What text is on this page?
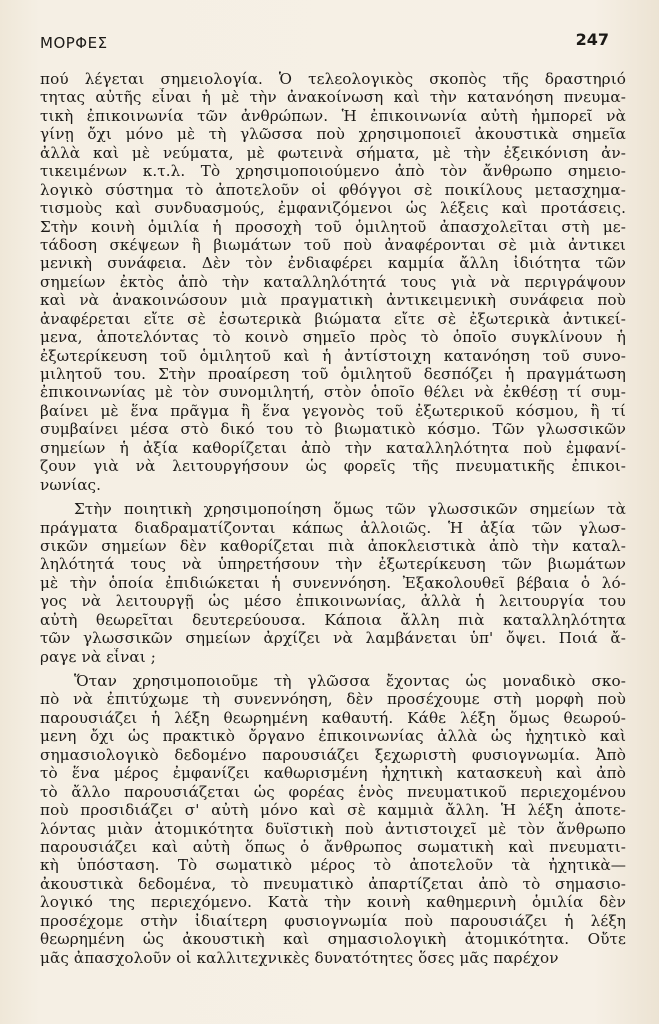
ΜΟΡΦΕΣ	247
πού λέγεται σημειολογία. Ὁ τελεολογικὸς σκοπὸς τῆς δραστηριό
τητας αὐτῆς εἶναι ἡ μὲ τὴν ἀνακοίνωση καὶ τὴν κατανόηση πνευμα-
τικὴ ἐπικοινωνία τῶν ἀνθρώπων. Ἡ ἐπικοινωνία αὐτὴ ἠμπορεῖ νὰ
γίνῃ ὄχι μόνο μὲ τὴ γλῶσσα ποὺ χρησιμοποιεῖ ἀκουστικὰ σημεῖα
ἀλλὰ καὶ μὲ νεύματα, μὲ φωτεινὰ σήματα, μὲ τὴν ἐξεικόνιση ἀν-
τικειμένων κ.τ.λ. Τὸ χρησιμοποιούμενο ἀπὸ τὸν ἄνθρωπο σημειο-
λογικὸ σύστημα τὸ ἀποτελοῦν οἱ φθόγγοι σὲ ποικίλους μετασχημα-
τισμοὺς καὶ συνδυασμούς, ἐμφανιζόμενοι ὡς λέξεις καὶ προτάσεις.
Στὴν κοινὴ ὁμιλία ἡ προσοχὴ τοῦ ὁμιλητοῦ ἀπασχολεῖται στὴ με-
τάδοση σκέψεων ἢ βιωμάτων τοῦ ποὺ ἀναφέρονται σὲ μιὰ ἀντικει
μενικὴ συνάφεια. Δὲν τὸν ἐνδιαφέρει καμμία ἄλλη ἰδιότητα τῶν
σημείων ἐκτὸς ἀπὸ τὴν καταλληλότητά τους γιὰ νὰ περιγράψουν
καὶ νὰ ἀνακοινώσουν μιὰ πραγματικὴ ἀντικειμενικὴ συνάφεια ποὺ
ἀναφέρεται εἴτε σὲ ἐσωτερικὰ βιώματα εἴτε σὲ ἐξωτερικὰ ἀντικεί-
μενα, ἀποτελόντας τὸ κοινὸ σημεῖο πρὸς τὸ ὁποῖο συγκλίνουν ἡ
ἐξωτερίκευση τοῦ ὁμιλητοῦ καὶ ἡ ἀντίστοιχη κατανόηση τοῦ συνο-
μιλητοῦ του. Στὴν προαίρεση τοῦ ὁμιλητοῦ δεσπόζει ἡ πραγμάτωση
ἐπικοινωνίας μὲ τὸν συνομιλητή, στὸν ὁποῖο θέλει νὰ ἐκθέσῃ τί συμ-
βαίνει μὲ ἕνα πρᾶγμα ἢ ἕνα γεγονὸς τοῦ ἐξωτερικοῦ κόσμου, ἢ τί
συμβαίνει μέσα στὸ δικό του τὸ βιωματικὸ κόσμο. Τῶν γλωσσικῶν
σημείων ἡ ἀξία καθορίζεται ἀπὸ τὴν καταλληλότητα ποὺ ἐμφανί-
ζουν γιὰ νὰ λειτουργήσουν ὡς φορεῖς τῆς πνευματικῆς ἐπικοι-
νωνίας.
Στὴν ποιητικὴ χρησιμοποίηση ὅμως τῶν γλωσσικῶν σημείων τὰ
πράγματα διαδραματίζονται κάπως ἀλλοιῶς. Ἡ ἀξία τῶν γλωσ-
σικῶν σημείων δὲν καθορίζεται πιὰ ἀποκλειστικὰ ἀπὸ τὴν καταλ-
ληλότητά τους νὰ ὑπηρετήσουν τὴν ἐξωτερίκευση τῶν βιωμάτων
μὲ τὴν ὁποία ἐπιδιώκεται ἡ συνεννόηση. Ἐξακολουθεῖ βέβαια ὁ λό-
γος νὰ λειτουργῇ ὡς μέσο ἐπικοινωνίας, ἀλλὰ ἡ λειτουργία του
αὐτὴ θεωρεῖται δευτερεύουσα. Κάποια ἄλλη πιὰ καταλληλότητα
τῶν γλωσσικῶν σημείων ἀρχίζει νὰ λαμβάνεται ὑπ' ὄψει. Ποιά ἄ-
ραγε νὰ εἶναι ;
Ὅταν χρησιμοποιοῦμε τὴ γλῶσσα ἔχοντας ὡς μοναδικὸ σκο-
πὸ νὰ ἐπιτύχωμε τὴ συνεννόηση, δὲν προσέχουμε στὴ μορφὴ ποὺ
παρουσιάζει ἡ λέξη θεωρημένη καθαυτή. Κάθε λέξη ὅμως θεωρού-
μενη ὄχι ὡς πρακτικὸ ὄργανο ἐπικοινωνίας ἀλλὰ ὡς ἠχητικὸ καὶ
σημασιολογικὸ δεδομένο παρουσιάζει ξεχωριστὴ φυσιογνωμία. Ἀπὸ
τὸ ἕνα μέρος ἐμφανίζει καθωρισμένη ἠχητικὴ κατασκευὴ καὶ ἀπὸ
τὸ ἄλλο παρουσιάζεται ὡς φορέας ἑνὸς πνευματικοῦ περιεχομένου
ποὺ προσιδιάζει σ' αὐτὴ μόνο καὶ σὲ καμμιὰ ἄλλη. Ἡ λέξη ἀποτε-
λόντας μιὰν ἀτομικότητα δυϊστικὴ ποὺ ἀντιστοιχεῖ μὲ τὸν ἄνθρωπο
παρουσιάζει καὶ αὐτὴ ὅπως ὁ ἄνθρωπος σωματικὴ καὶ πνευματι-
κὴ ὑπόσταση. Τὸ σωματικὸ μέρος τὸ ἀποτελοῦν τὰ ἠχητικὰ—
ἀκουστικὰ δεδομένα, τὸ πνευματικὸ ἀπαρτίζεται ἀπὸ τὸ σημασιο-
λογικό της περιεχόμενο. Κατὰ τὴν κοινὴ καθημερινὴ ὁμιλία δὲν
προσέχομε στὴν ἰδιαίτερη φυσιογνωμία ποὺ παρουσιάζει ἡ λέξη
θεωρημένη ὡς ἀκουστικὴ καὶ σημασιολογικὴ ἀτομικότητα. Οὔτε
μᾶς ἀπασχολοῦν οἱ καλλιτεχνικὲς δυνατότητες ὅσες μᾶς παρέχον
